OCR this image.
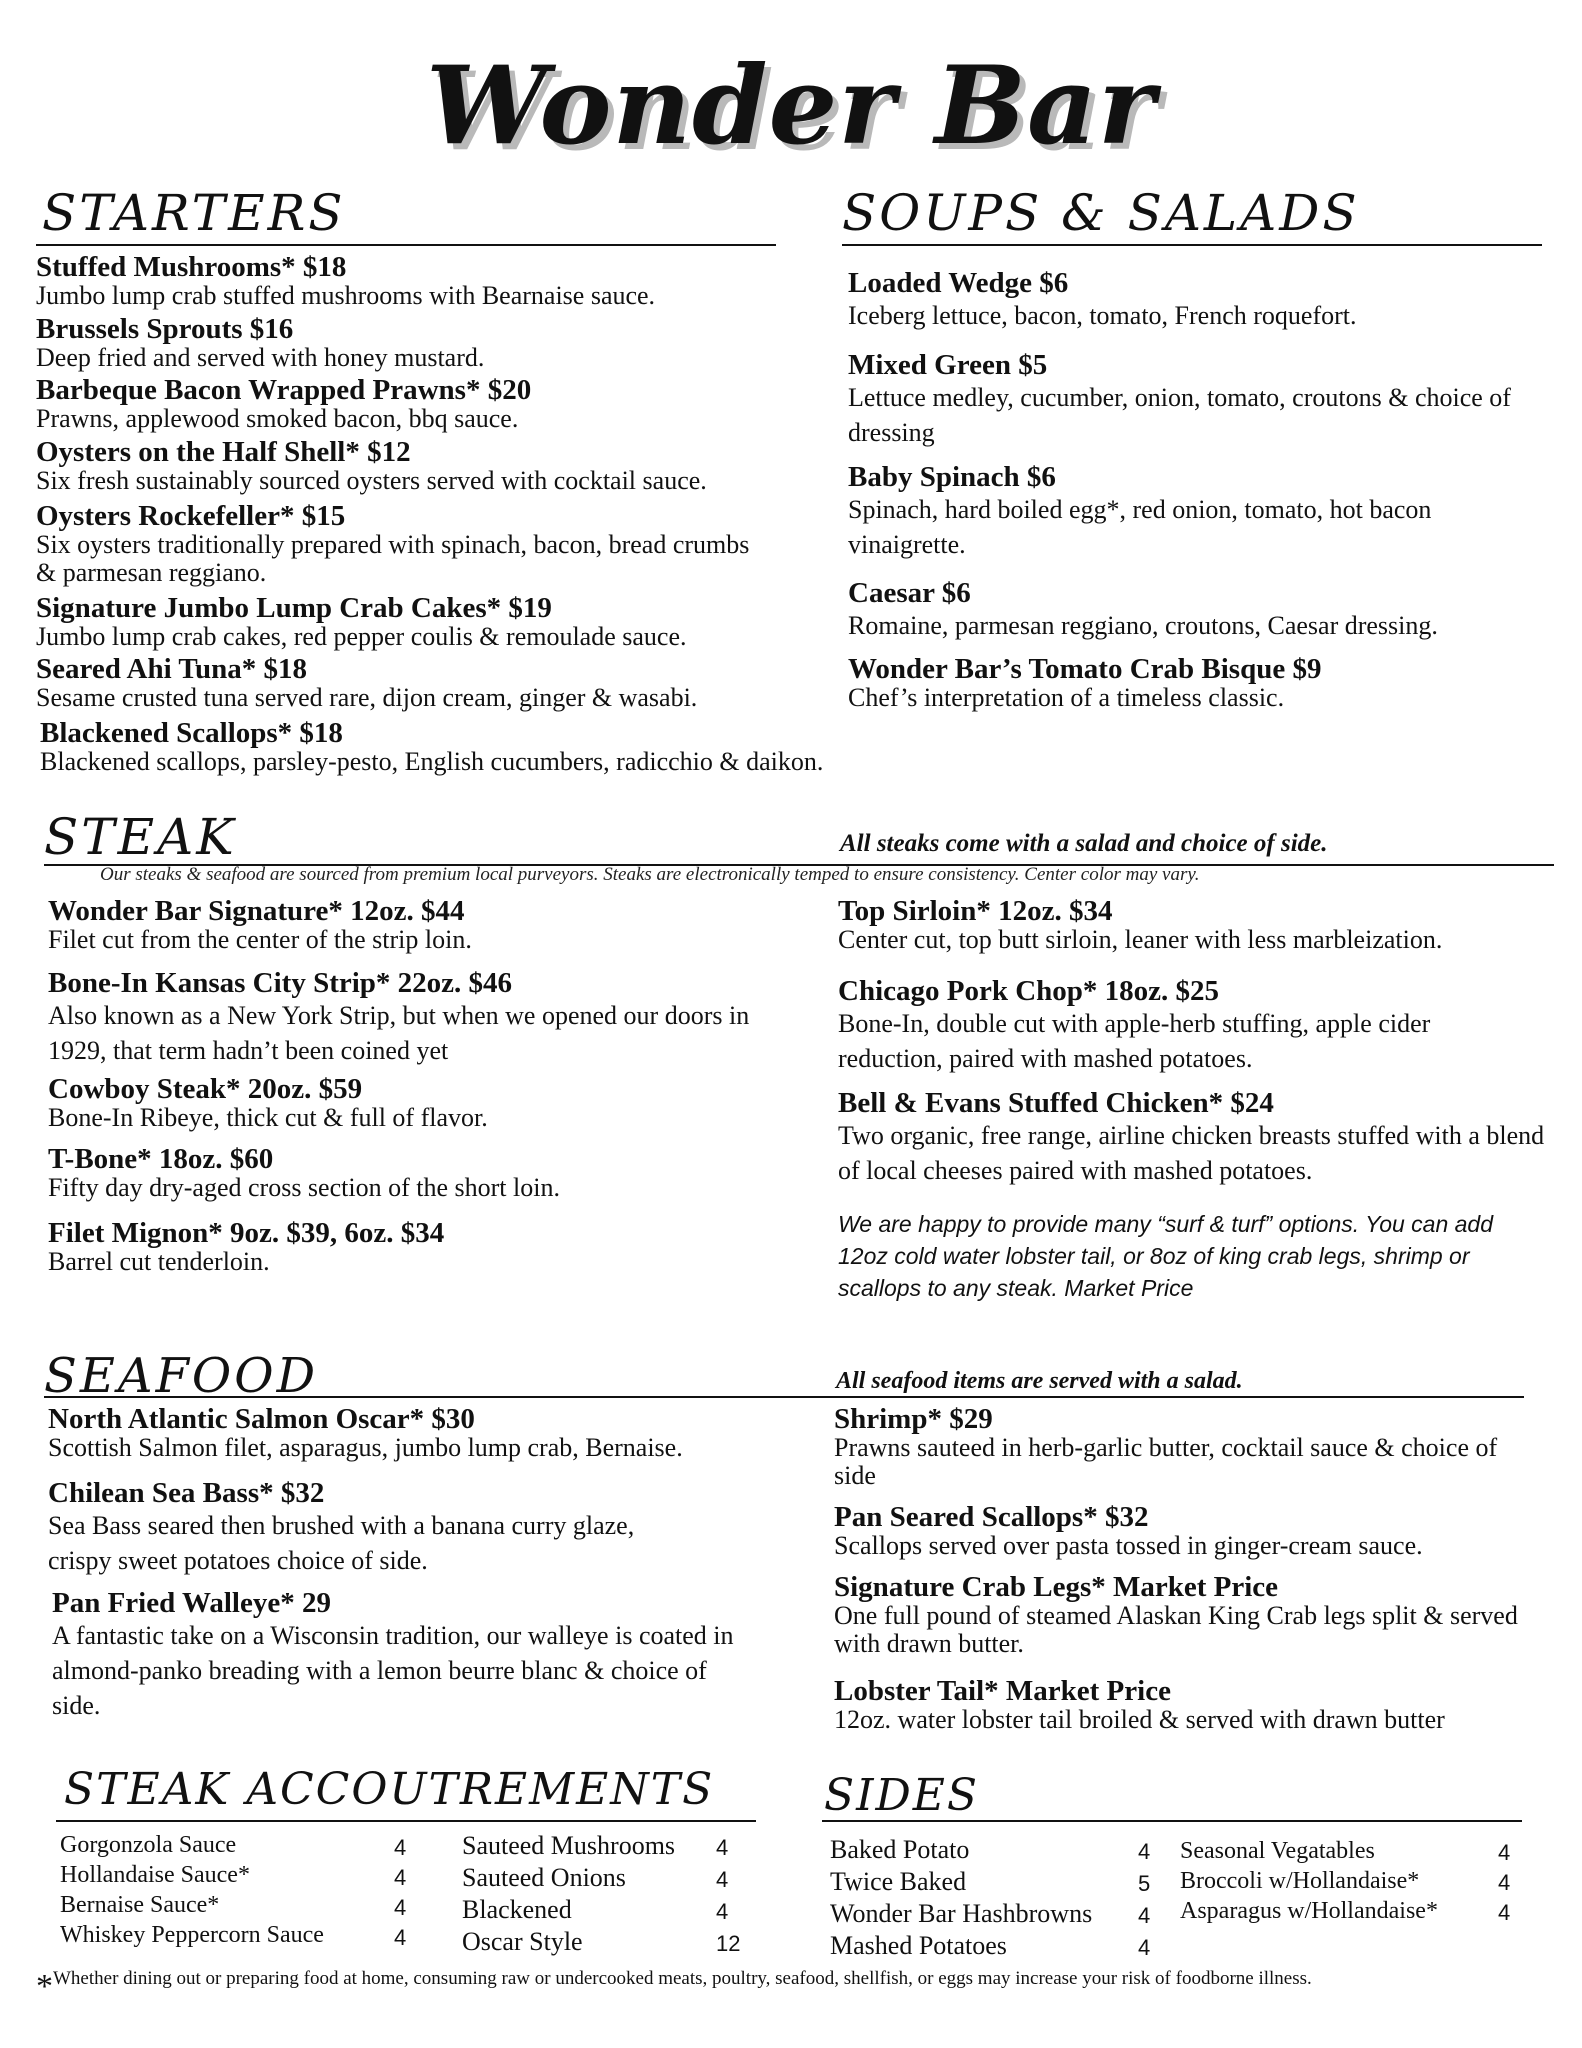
Wonder Bar
STARTERS
Stuffed Mushrooms* $18
Jumbo lump crab stuffed mushrooms with Bearnaise sauce.
Brussels Sprouts $16
Deep fried and served with honey mustard.
Barbeque Bacon Wrapped Prawns* $20
Prawns, applewood smoked bacon, bbq sauce.
Oysters on the Half Shell* $12
Six fresh sustainably sourced oysters served with cocktail sauce.
Oysters Rockefeller* $15
Six oysters traditionally prepared with spinach, bacon, bread crumbs & parmesan reggiano.
Signature Jumbo Lump Crab Cakes* $19
Jumbo lump crab cakes, red pepper coulis & remoulade sauce.
Seared Ahi Tuna* $18
Sesame crusted tuna served rare, dijon cream, ginger & wasabi.
Blackened Scallops* $18
Blackened scallops, parsley-pesto, English cucumbers, radicchio & daikon.
SOUPS & SALADS
Loaded Wedge $6
Iceberg lettuce, bacon, tomato, French roquefort.
Mixed Green $5
Lettuce medley, cucumber, onion, tomato, croutons & choice of dressing
Baby Spinach $6
Spinach, hard boiled egg*, red onion, tomato, hot bacon vinaigrette.
Caesar $6
Romaine, parmesan reggiano, croutons, Caesar dressing.
Wonder Bar’s Tomato Crab Bisque $9
Chef’s interpretation of a timeless classic.
STEAK	All steaks come with a salad and choice of side.
Our steaks & seafood are sourced from premium local purveyors. Steaks are electronically temped to ensure consistency. Center color may vary.
Wonder Bar Signature* 12oz. $44
Filet cut from the center of the strip loin.
Bone-In Kansas City Strip* 22oz. $46
Also known as a New York Strip, but when we opened our doors in 1929, that term hadn’t been coined yet
Cowboy Steak* 20oz. $59
Bone-In Ribeye, thick cut & full of flavor.
T-Bone* 18oz. $60
Fifty day dry-aged cross section of the short loin.
Filet Mignon* 9oz. $39, 6oz. $34
Barrel cut tenderloin.
Top Sirloin* 12oz. $34
Center cut, top butt sirloin, leaner with less marbleization.
Chicago Pork Chop* 18oz. $25
Bone-In, double cut with apple-herb stuffing, apple cider reduction, paired with mashed potatoes.
Bell & Evans Stuffed Chicken* $24
Two organic, free range, airline chicken breasts stuffed with a blend of local cheeses paired with mashed potatoes.
We are happy to provide many “surf & turf” options. You can add 12oz cold water lobster tail, or 8oz of king crab legs, shrimp or scallops to any steak. Market Price
SEAFOOD	All seafood items are served with a salad.
North Atlantic Salmon Oscar* $30
Scottish Salmon filet, asparagus, jumbo lump crab, Bernaise.
Chilean Sea Bass* $32
Sea Bass seared then brushed with a banana curry glaze, crispy sweet potatoes choice of side.
Pan Fried Walleye* 29
A fantastic take on a Wisconsin tradition, our walleye is coated in almond-panko breading with a lemon beurre blanc & choice of side.
Shrimp* $29
Prawns sauteed in herb-garlic butter, cocktail sauce & choice of side
Pan Seared Scallops* $32
Scallops served over pasta tossed in ginger-cream sauce.
Signature Crab Legs* Market Price
One full pound of steamed Alaskan King Crab legs split & served with drawn butter.
Lobster Tail* Market Price
12oz. water lobster tail broiled & served with drawn butter
STEAK ACCOUTREMENTS
Gorgonzola Sauce
Hollandaise Sauce*
Bernaise Sauce*
Whiskey Peppercorn Sauce
4
4
4
4
Sauteed Mushrooms
Sauteed Onions
Blackened
Oscar Style
4
4
4
12
SIDES
Baked Potato
Twice Baked
Wonder Bar Hashbrowns
Mashed Potatoes
4
5
4
4
Seasonal Vegatables
Broccoli w/Hollandaise*
Asparagus w/Hollandaise*
4
4
4
*Whether dining out or preparing food at home, consuming raw or undercooked meats, poultry, seafood, shellfish, or eggs may increase your risk of foodborne illness.
